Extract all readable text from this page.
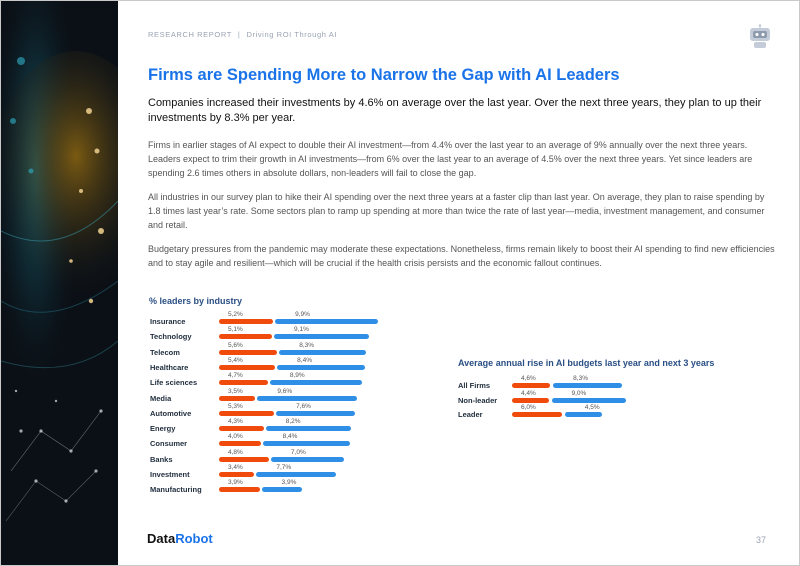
RESEARCH REPORT | Driving ROI Through AI
Firms are Spending More to Narrow the Gap with AI Leaders

Companies increased their investments by 4.6% on average over the last year. Over the next three years, they plan to up their investments by 8.3% per year.

Firms in earlier stages of AI expect to double their AI investment—from 4.4% over the last year to an average of 9% annually over the next three years. Leaders expect to trim their growth in AI investments—from 6% over the last year to an average of 4.5% over the next three years. Yet since leaders are spending 2.6 times others in absolute dollars, non-leaders will fail to close the gap.

All industries in our survey plan to hike their AI spending over the next three years at a faster clip than last year. On average, they plan to raise spending by 1.8 times last year’s rate. Some sectors plan to ramp up spending at more than twice the rate of last year—media, investment management, and consumer and retail.

Budgetary pressures from the pandemic may moderate these expectations. Nonetheless, firms remain likely to boost their AI spending to find new efficiencies and to stay agile and resilient—which will be crucial if the health crisis persists and the economic fallout continues.

% leaders by industry
Insurance
5,2%	9,9%
Technology
5,1%	9,1%
Telecom
5,6%	8,3%
Healthcare
5,4%	8,4%
Life sciences
4,7%	8,9%
Media
3,5%	9,6%
Automotive
5,3%	7,6%
Energy
4,3%	8,2%
Consumer
4,0%	8,4%
Banks
4,8%	7,0%
Investment
3,4%	7,7%
Manufacturing
3,9%	3,9%
Average annual rise in AI budgets last year and next 3 years
All Firms
4,6%	8,3%
Non-leader
4,4%	9,0%
Leader
6,0%	4,5%
DataRobot	37
